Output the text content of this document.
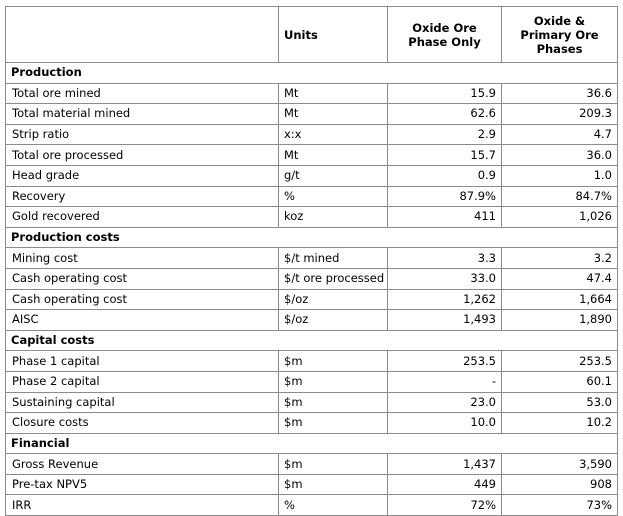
	Units	Oxide Ore Phase Only	Oxide & Primary Ore Phases
Production			
Total ore mined	Mt	15.9	36.6
Total material mined	Mt	62.6	209.3
Strip ratio	x:x	2.9	4.7
Total ore processed	Mt	15.7	36.0
Head grade	g/t	0.9	1.0
Recovery	%	87.9%	84.7%
Gold recovered	koz	411	1,026
Production costs			
Mining cost	$/t mined	3.3	3.2
Cash operating cost	$/t ore processed	33.0	47.4
Cash operating cost	$/oz	1,262	1,664
AISC	$/oz	1,493	1,890
Capital costs			
Phase 1 capital	$m	253.5	253.5
Phase 2 capital	$m	-	60.1
Sustaining capital	$m	23.0	53.0
Closure costs	$m	10.0	10.2
Financial			
Gross Revenue	$m	1,437	3,590
Pre-tax NPV5	$m	449	908
IRR	%	72%	73%
